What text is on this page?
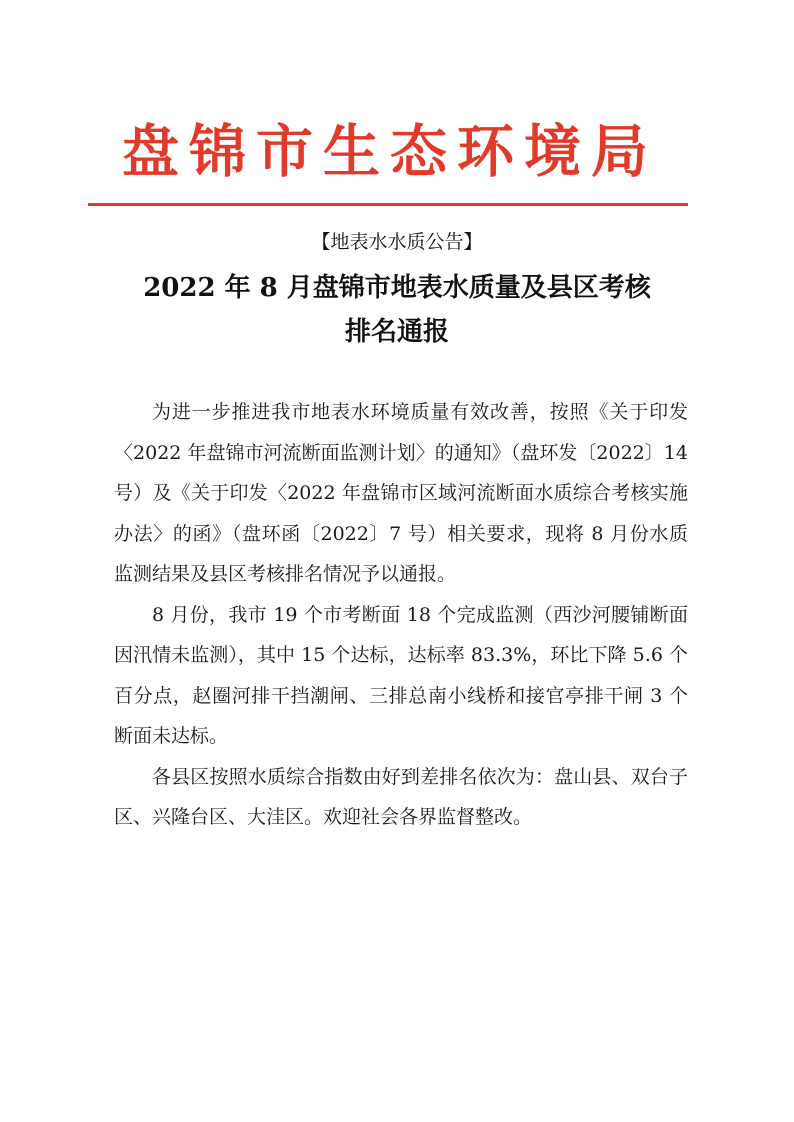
盘锦市生态环境局
【地表水水质公告】
2022 年 8 月盘锦市地表水质量及县区考核
排名通报

为进一步推进我市地表水环境质量有效改善，按照《关于印发〈2022 年盘锦市河流断面监测计划〉的通知》（盘环发〔2022〕14 号）及《关于印发〈2022 年盘锦市区域河流断面水质综合考核实施办法〉的函》（盘环函〔2022〕7 号）相关要求，现将 8 月份水质监测结果及县区考核排名情况予以通报。

8 月份，我市 19 个市考断面 18 个完成监测（西沙河腰铺断面因汛情未监测），其中 15 个达标，达标率 83.3%，环比下降 5.6 个百分点，赵圈河排干挡潮闸、三排总南小线桥和接官亭排干闸 3 个断面未达标。

各县区按照水质综合指数由好到差排名依次为：盘山县、双台子区、兴隆台区、大洼区。欢迎社会各界监督整改。
